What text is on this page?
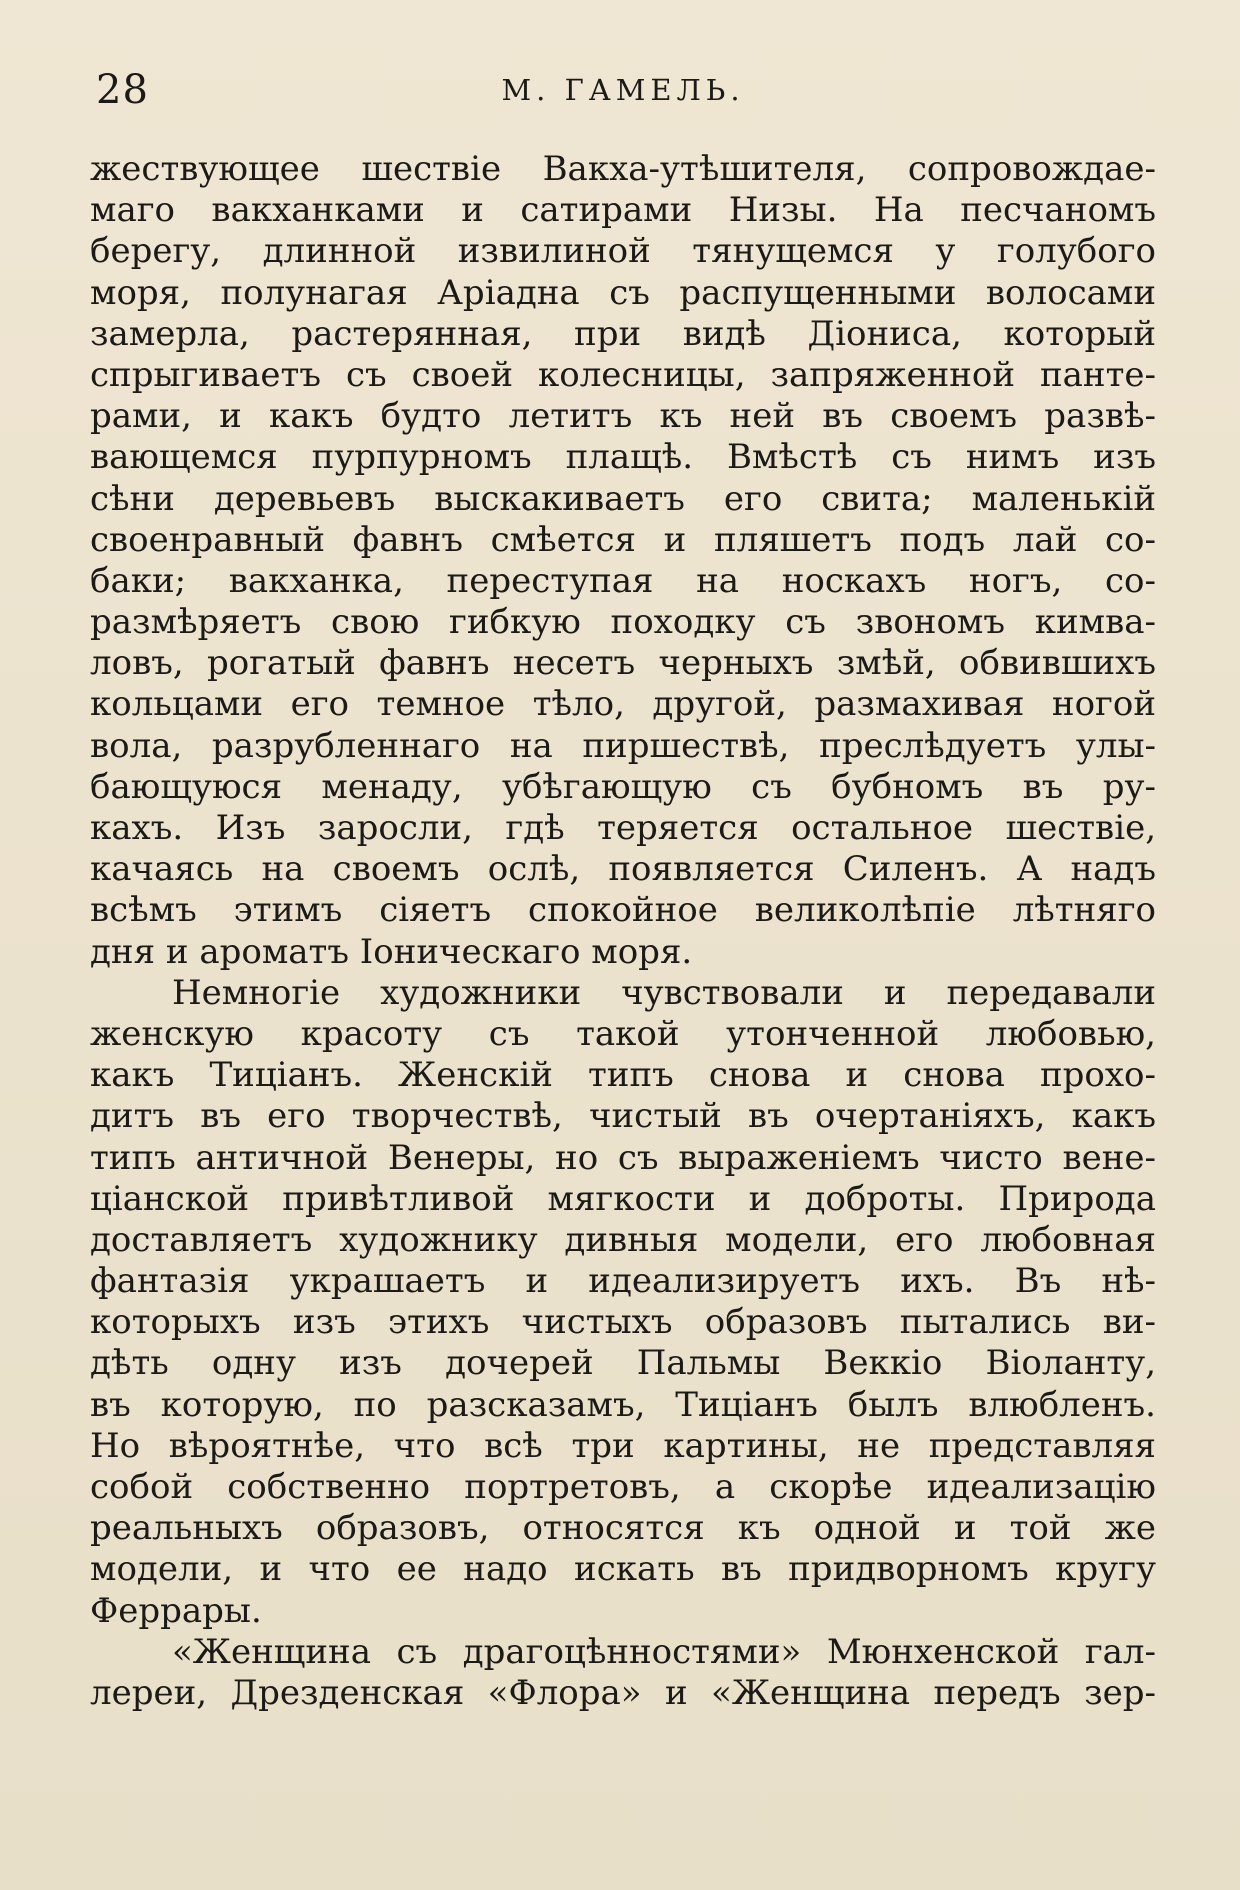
28	М. ГАМЕЛЬ.
жествующее шествіе Вакха-утѣшителя, сопровождае-
маго вакханками и сатирами Низы. На песчаномъ
берегу, длинной извилиной тянущемся у голубого
моря, полунагая Аріадна съ распущенными волосами
замерла, растерянная, при видѣ Діониса, который
спрыгиваетъ съ своей колесницы, запряженной панте-
рами, и какъ будто летитъ къ ней въ своемъ развѣ-
вающемся пурпурномъ плащѣ. Вмѣстѣ съ нимъ изъ
сѣни деревьевъ выскакиваетъ его свита; маленькій
своенравный фавнъ смѣется и пляшетъ подъ лай со-
баки; вакханка, переступая на носкахъ ногъ, со-
размѣряетъ свою гибкую походку съ звономъ кимва-
ловъ, рогатый фавнъ несетъ черныхъ змѣй, обвившихъ
кольцами его темное тѣло, другой, размахивая ногой
вола, разрубленнаго на пиршествѣ, преслѣдуетъ улы-
бающуюся менаду, убѣгающую съ бубномъ въ ру-
кахъ. Изъ заросли, гдѣ теряется остальное шествіе,
качаясь на своемъ ослѣ, появляется Силенъ. А надъ
всѣмъ этимъ сіяетъ спокойное великолѣпіе лѣтняго
дня и ароматъ Іоническаго моря.
Немногіе художники чувствовали и передавали
женскую красоту съ такой утонченной любовью,
какъ Тиціанъ. Женскій типъ снова и снова прохо-
дитъ въ его творчествѣ, чистый въ очертаніяхъ, какъ
типъ античной Венеры, но съ выраженіемъ чисто вене-
ціанской привѣтливой мягкости и доброты. Природа
доставляетъ художнику дивныя модели, его любовная
фантазія украшаетъ и идеализируетъ ихъ. Въ нѣ-
которыхъ изъ этихъ чистыхъ образовъ пытались ви-
дѣть одну изъ дочерей Пальмы Веккіо Віоланту,
въ которую, по разсказамъ, Тиціанъ былъ влюбленъ.
Но вѣроятнѣе, что всѣ три картины, не представляя
собой собственно портретовъ, а скорѣе идеализацію
реальныхъ образовъ, относятся къ одной и той же
модели, и что ее надо искать въ придворномъ кругу
Феррары.
«Женщина съ драгоцѣнностями» Мюнхенской гал-
лереи, Дрезденская «Флора» и «Женщина передъ зер-
